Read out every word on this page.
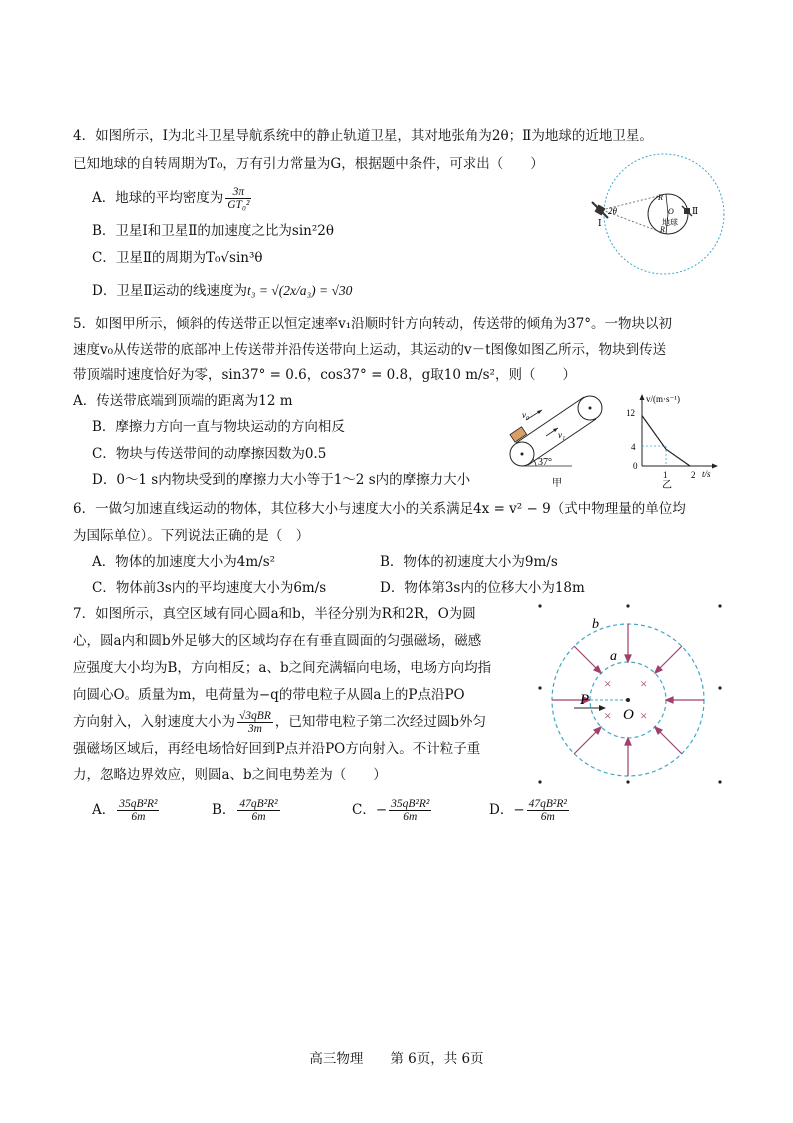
4．如图所示，Ⅰ为北斗卫星导航系统中的静止轨道卫星，其对地张角为2θ；Ⅱ为地球的近地卫星。
已知地球的自转周期为T₀，万有引力常量为G，根据题中条件，可求出（　　）
A．地球的平均密度为 $\frac{3\pi}{\text{GT₀²}}$
B．卫星Ⅰ和卫星Ⅱ的加速度之比为sin²2θ
C．卫星Ⅱ的周期为T₀√sin³θ
D．卫星Ⅱ运动的线速度为t₃ = √(2x/a₃) = √30
2θ
Ⅰ
Ⅱ
R
R
O
地球
5．如图甲所示，倾斜的传送带正以恒定速率v₁沿顺时针方向转动，传送带的倾角为37°。一物块以初
速度v₀从传送带的底部冲上传送带并沿传送带向上运动，其运动的v－t图像如图乙所示，物块到传送
带顶端时速度恰好为零，sin37° = 0.6，cos37° = 0.8，g取10 m/s²，则（　　）
A．传送带底端到顶端的距离为12 m
B．摩擦力方向一直与物块运动的方向相反
C．物块与传送带间的动摩擦因数为0.5
D．0～1 s内物块受到的摩擦力大小等于1～2 s内的摩擦力大小
v₀
v₁
37°
甲
v/(m·s⁻¹)
t/s
0
12
4
1	2
乙
6．一做匀加速直线运动的物体，其位移大小与速度大小的关系满足4x = v² − 9（式中物理量的单位均
为国际单位）。下列说法正确的是（　）
A．物体的加速度大小为4m/s²	B．物体的初速度大小为9m/s
C．物体前3s内的平均速度大小为6m/s	D．物体第3s内的位移大小为18m
7．如图所示，真空区域有同心圆a和b，半径分别为R和2R，O为圆
心，圆a内和圆b外足够大的区域均存在有垂直圆面的匀强磁场，磁感
应强度大小均为B，方向相反；a、b之间充满辐向电场，电场方向均指
向圆心O。质量为m，电荷量为−q的带电粒子从圆a上的P点沿PO
方向射入，入射速度大小为 $\frac{\text{√3qBR}}{3m}$ ，已知带电粒子第二次经过圆b外匀
强磁场区域后，再经电场恰好回到P点并沿PO方向射入。不计粒子重
力，忽略边界效应，则圆a、b之间电势差为（　　）
A． $\frac{\text{35qB²R²}}{6m}$	B． $\frac{\text{47qB²R²}}{6m}$	C．− $\frac{\text{35qB²R²}}{6m}$	D．− $\frac{\text{47qB²R²}}{6m}$
× ×
× ×
b
a
P
O
高三物理　　第 6页，共 6页
